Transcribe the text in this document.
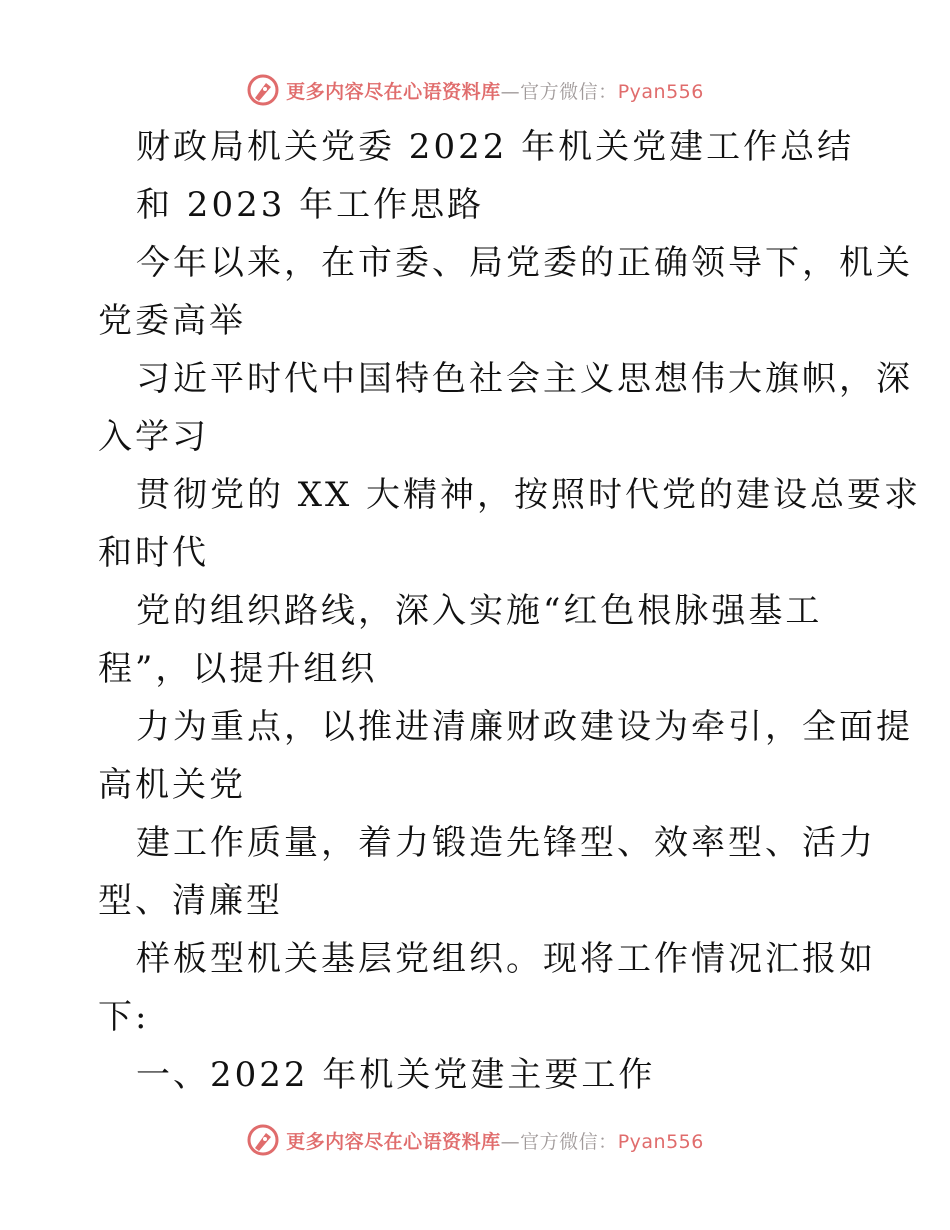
更多内容尽在心语资料库—官方微信：Pyan556
财政局机关党委 2022 年机关党建工作总结
和 2023 年工作思路
今年以来，在市委、局党委的正确领导下，机关
党委高举
习近平时代中国特色社会主义思想伟大旗帜，深
入学习
贯彻党的 XX 大精神，按照时代党的建设总要求
和时代
党的组织路线，深入实施“红色根脉强基工
程”，以提升组织
力为重点，以推进清廉财政建设为牵引，全面提
高机关党
建工作质量，着力锻造先锋型、效率型、活力
型、清廉型
样板型机关基层党组织。现将工作情况汇报如
下:
一、2022 年机关党建主要工作
更多内容尽在心语资料库—官方微信：Pyan556
